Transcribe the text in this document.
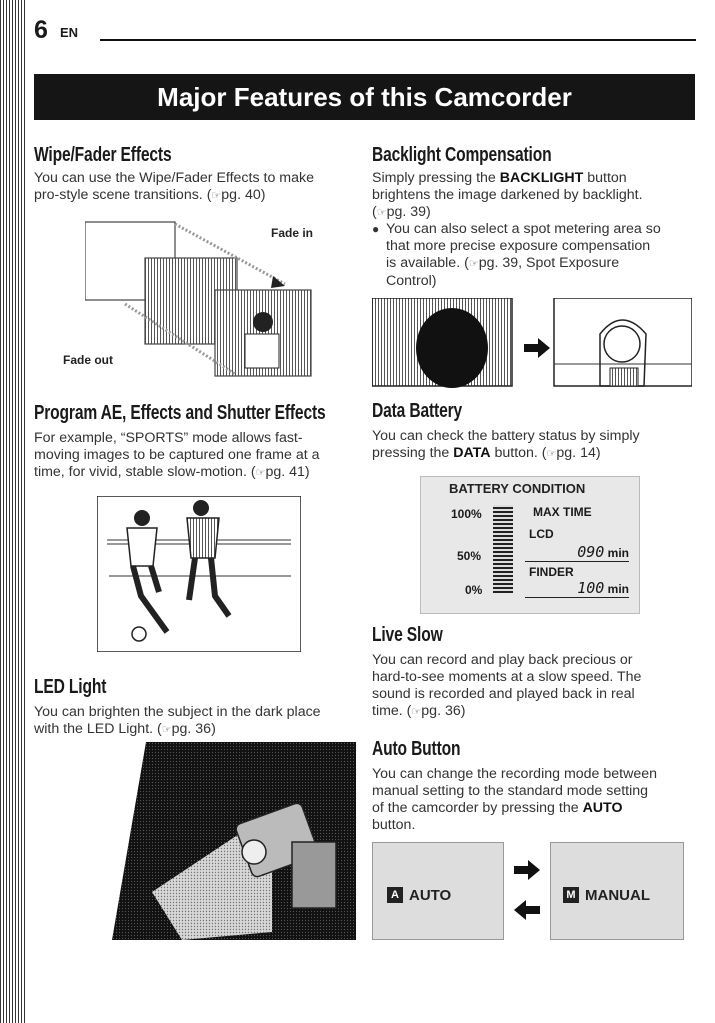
6 EN
Major Features of this Camcorder
Wipe/Fader Effects
You can use the Wipe/Fader Effects to make
pro-style scene transitions. (☞pg. 40)
Fade in
Fade out
Program AE, Effects and Shutter Effects
For example, “SPORTS” mode allows fast-
moving images to be captured one frame at a
time, for vivid, stable slow-motion. (☞pg. 41)
LED Light
You can brighten the subject in the dark place
with the LED Light. (☞pg. 36)
Backlight Compensation
Simply pressing the BACKLIGHT button
brightens the image darkened by backlight.
(☞pg. 39)
● You can also select a spot metering area so
that more precise exposure compensation
is available. (☞pg. 39, Spot Exposure
Control)
Data Battery
You can check the battery status by simply
pressing the DATA button. (☞pg. 14)
BATTERY CONDITION
100%
50%
0%
MAX TIME
LCD
090 min
FINDER
100 min
Live Slow
You can record and play back precious or
hard-to-see moments at a slow speed. The
sound is recorded and played back in real
time. (☞pg. 36)
Auto Button
You can change the recording mode between
manual setting to the standard mode setting
of the camcorder by pressing the AUTO
button.
A AUTO	M MANUAL
